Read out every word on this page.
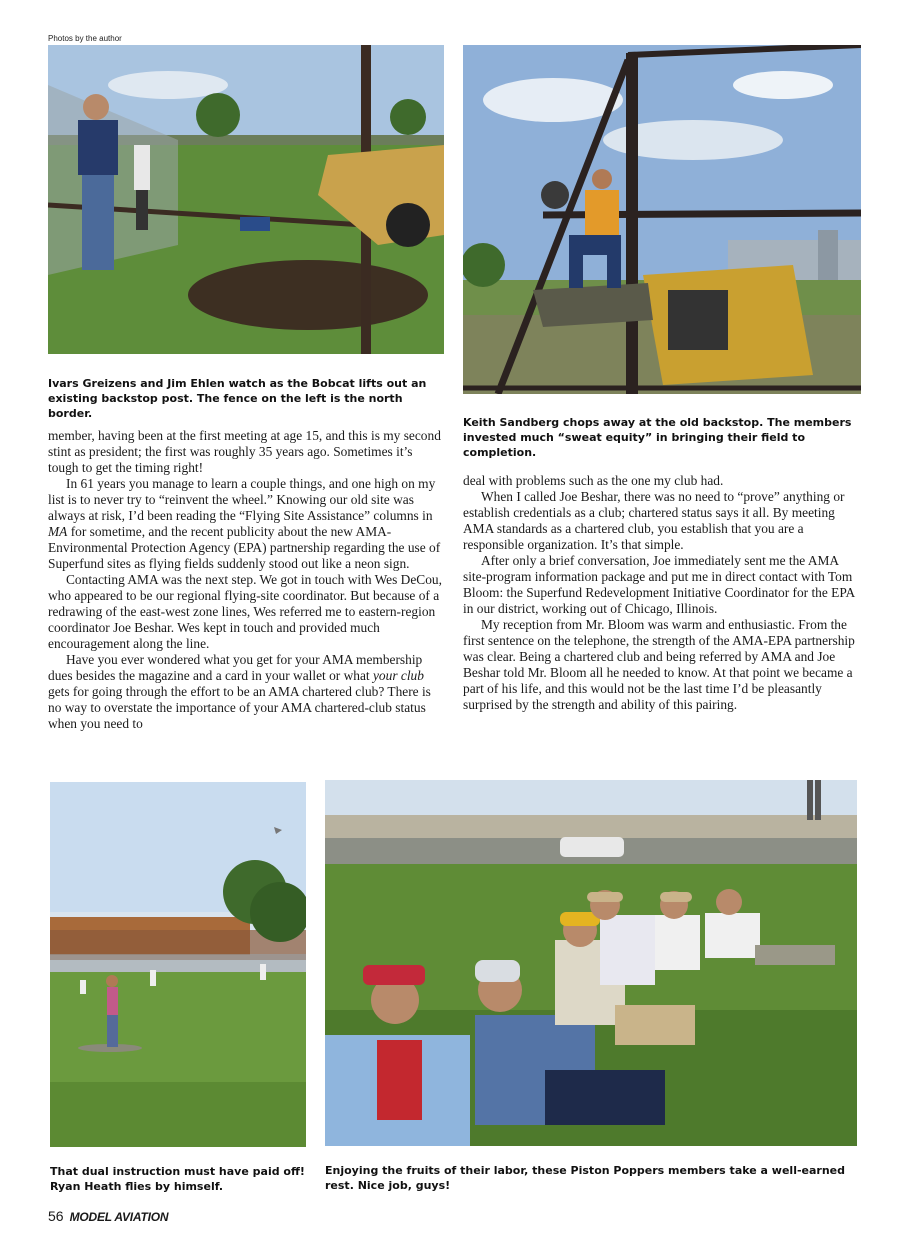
Photos by the author
Ivars Greizens and Jim Ehlen watch as the Bobcat lifts out an existing backstop post. The fence on the left is the north border.
Keith Sandberg chops away at the old backstop. The members invested much “sweat equity” in bringing their field to completion.

member, having been at the first meeting at age 15, and this is my second stint as president; the first was roughly 35 years ago. Sometimes it’s tough to get the timing right!

In 61 years you manage to learn a couple things, and one high on my list is to never try to “reinvent the wheel.” Knowing our old site was always at risk, I’d been reading the “Flying Site Assistance” columns in MA for sometime, and the recent publicity about the new AMA-Environmental Protection Agency (EPA) partnership regarding the use of Superfund sites as flying fields suddenly stood out like a neon sign.

Contacting AMA was the next step. We got in touch with Wes DeCou, who appeared to be our regional flying-site coordinator. But because of a redrawing of the east-west zone lines, Wes referred me to eastern-region coordinator Joe Beshar. Wes kept in touch and provided much encouragement along the line.

Have you ever wondered what you get for your AMA membership dues besides the magazine and a card in your wallet or what your club gets for going through the effort to be an AMA chartered club? There is no way to overstate the importance of your AMA chartered-club status when you need to

deal with problems such as the one my club had.

When I called Joe Beshar, there was no need to “prove” anything or establish credentials as a club; chartered status says it all. By meeting AMA standards as a chartered club, you establish that you are a responsible organization. It’s that simple.

After only a brief conversation, Joe immediately sent me the AMA site-program information package and put me in direct contact with Tom Bloom: the Superfund Redevelopment Initiative Coordinator for the EPA in our district, working out of Chicago, Illinois.

My reception from Mr. Bloom was warm and enthusiastic. From the first sentence on the telephone, the strength of the AMA-EPA partnership was clear. Being a chartered club and being referred by AMA and Joe Beshar told Mr. Bloom all he needed to know. At that point we became a part of his life, and this would not be the last time I’d be pleasantly surprised by the strength and ability of this pairing.

That dual instruction must have paid off! Ryan Heath flies by himself.
Enjoying the fruits of their labor, these Piston Poppers members take a well-earned rest. Nice job, guys!
56 MODEL AVIATION
